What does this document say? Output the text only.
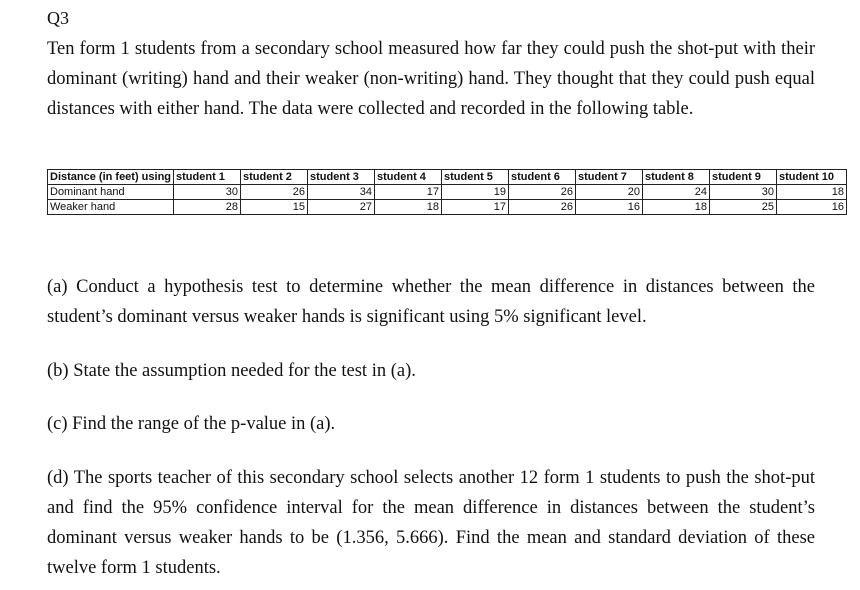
Q3
Ten form 1 students from a secondary school measured how far they could push the shot-put with their dominant (writing) hand and their weaker (non-writing) hand. They thought that they could push equal distances with either hand. The data were collected and recorded in the following table.
Distance (in feet) using	student 1	student 2	student 3	student 4	student 5	student 6	student 7	student 8	student 9	student 10
Dominant hand	30	26	34	17	19	26	20	24	30	18
Weaker hand	28	15	27	18	17	26	16	18	25	16
(a) Conduct a hypothesis test to determine whether the mean difference in distances between the student’s dominant versus weaker hands is significant using 5% significant level.
(b) State the assumption needed for the test in (a).
(c) Find the range of the p-value in (a).
(d) The sports teacher of this secondary school selects another 12 form 1 students to push the shot-put and find the 95% confidence interval for the mean difference in distances between the student’s dominant versus weaker hands to be (1.356, 5.666). Find the mean and standard deviation of these twelve form 1 students.
